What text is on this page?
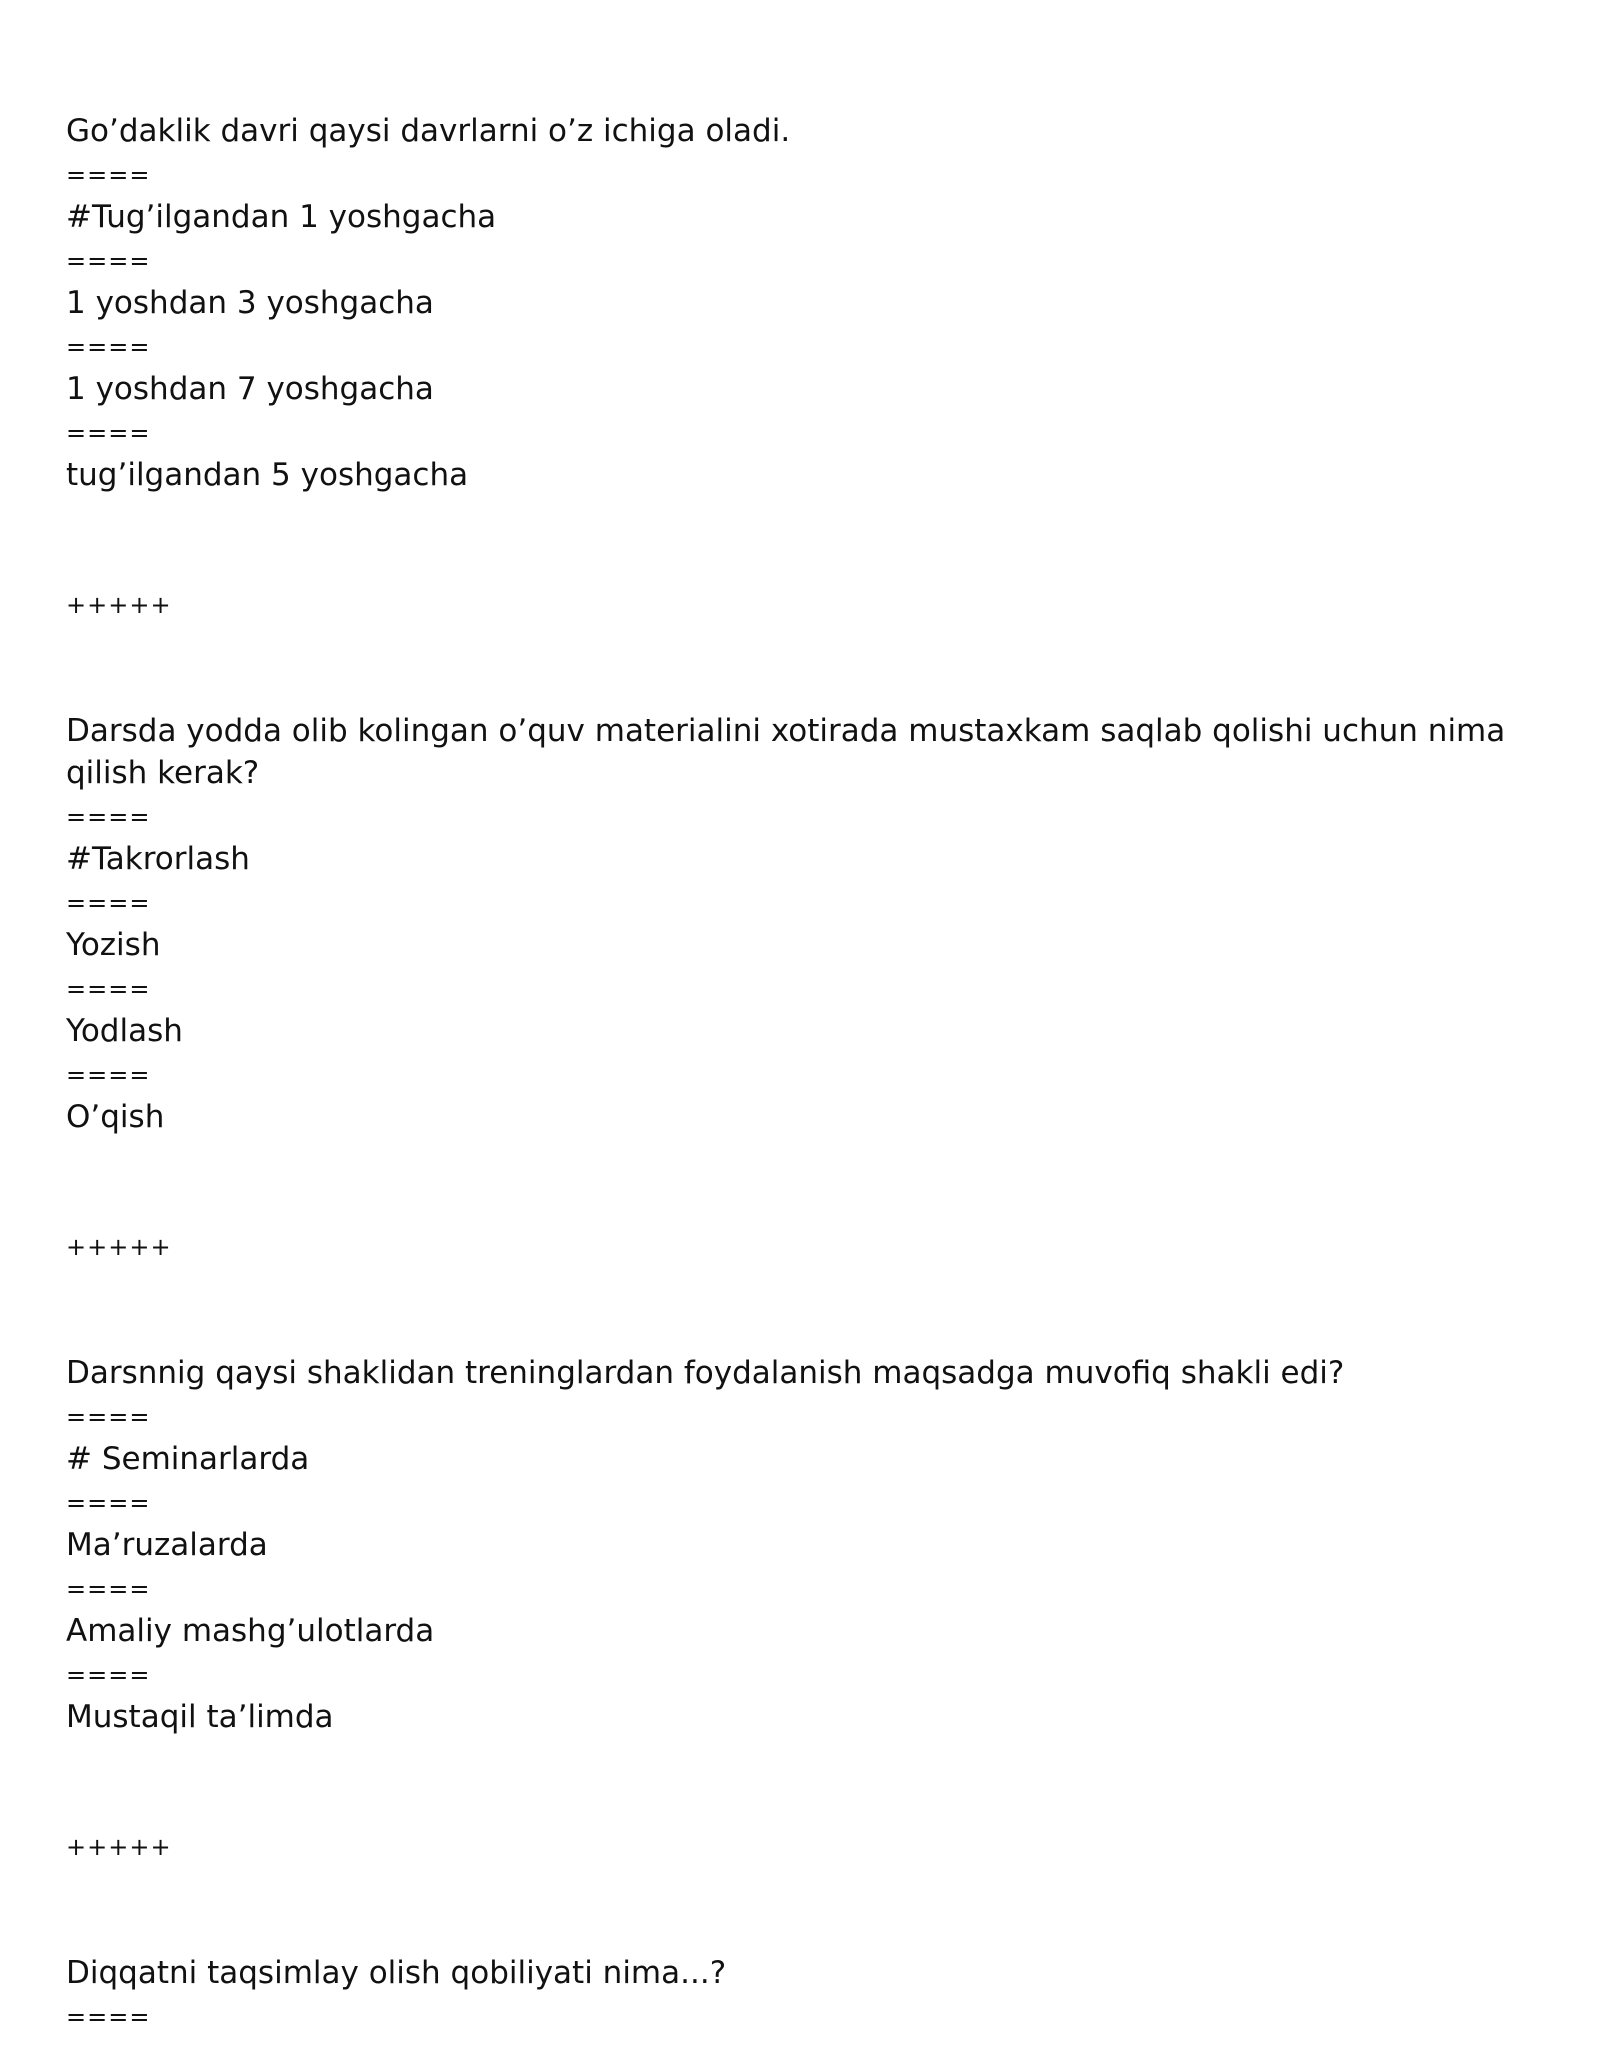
Go’daklik davri qaysi davrlarni o’z ichiga oladi.
====
#Tug’ilgandan 1 yoshgacha
====
1 yoshdan 3 yoshgacha
====
1 yoshdan 7 yoshgacha
====
tug’ilgandan 5 yoshgacha
+++++
Darsda yodda olib kolingan o’quv materialini xotirada mustaxkam saqlab qolishi uchun nima qilish kerak?
====
#Takrorlash
====
Yozish
====
Yodlash
====
O’qish
+++++
Darsnnig qaysi shaklidan treninglardan foydalanish maqsadga muvofiq shakli edi?
====
# Seminarlarda
====
Ma’ruzalarda
====
Amaliy mashg’ulotlarda
====
Mustaqil ta’limda
+++++
Diqqatni taqsimlay olish qobiliyati nima...?
====
